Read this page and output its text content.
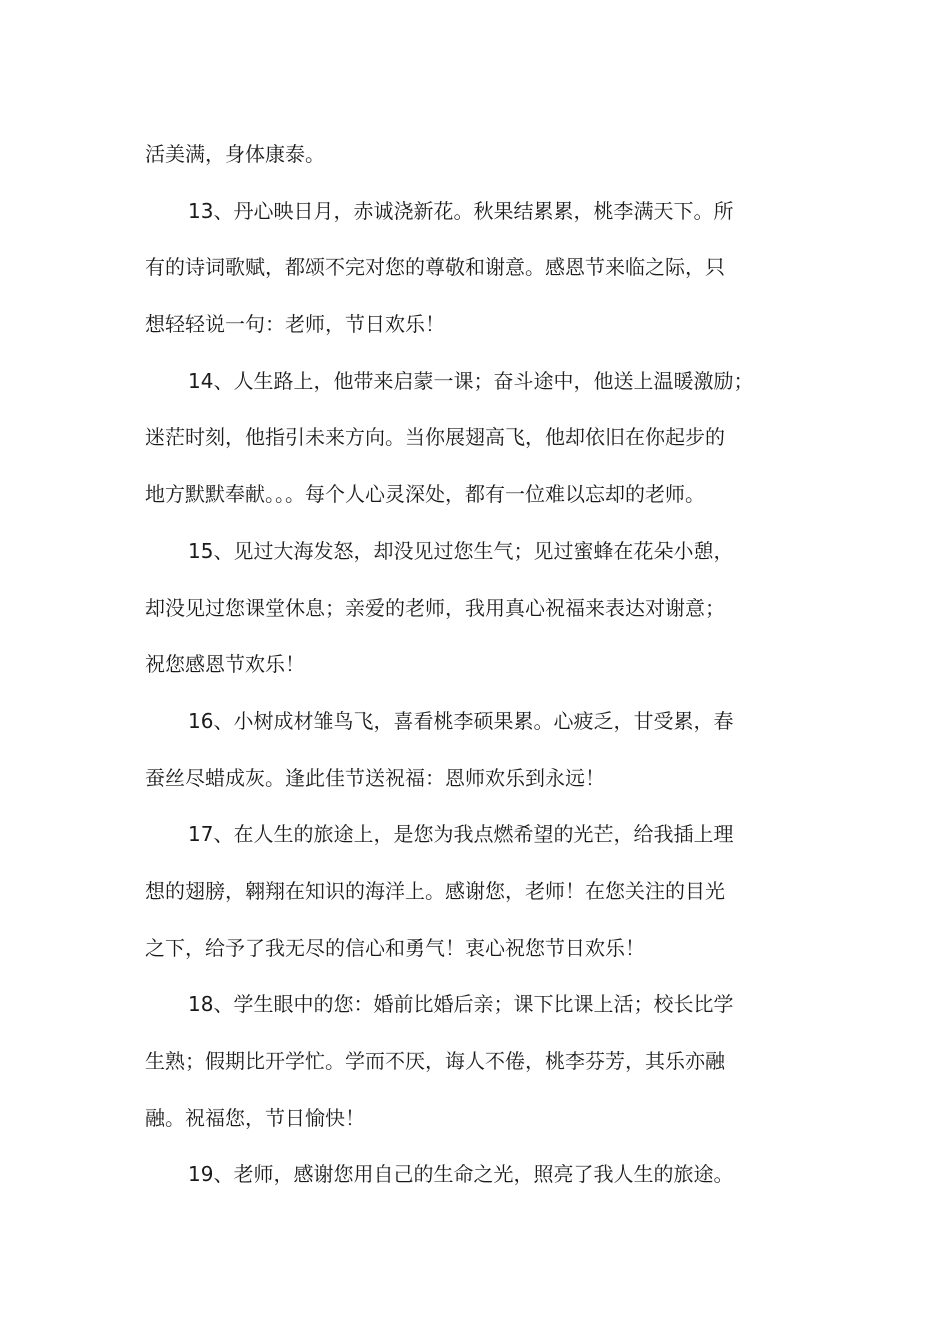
活美满，身体康泰。
13、丹心映日月，赤诚浇新花。秋果结累累，桃李满天下。所
有的诗词歌赋，都颂不完对您的尊敬和谢意。感恩节来临之际，只
想轻轻说一句：老师，节日欢乐！
14、人生路上，他带来启蒙一课；奋斗途中，他送上温暖激励；
迷茫时刻，他指引未来方向。当你展翅高飞，他却依旧在你起步的
地方默默奉献。。。每个人心灵深处，都有一位难以忘却的老师。
15、见过大海发怒，却没见过您生气；见过蜜蜂在花朵小憩，
却没见过您课堂休息；亲爱的老师，我用真心祝福来表达对谢意；
祝您感恩节欢乐！
16、小树成材雏鸟飞，喜看桃李硕果累。心疲乏，甘受累，春
蚕丝尽蜡成灰。逢此佳节送祝福：恩师欢乐到永远！
17、在人生的旅途上，是您为我点燃希望的光芒，给我插上理
想的翅膀，翱翔在知识的海洋上。感谢您，老师！在您关注的目光
之下，给予了我无尽的信心和勇气！衷心祝您节日欢乐！
18、学生眼中的您：婚前比婚后亲；课下比课上活；校长比学
生熟；假期比开学忙。学而不厌，诲人不倦，桃李芬芳，其乐亦融
融。祝福您，节日愉快！
19、老师，感谢您用自己的生命之光，照亮了我人生的旅途。
